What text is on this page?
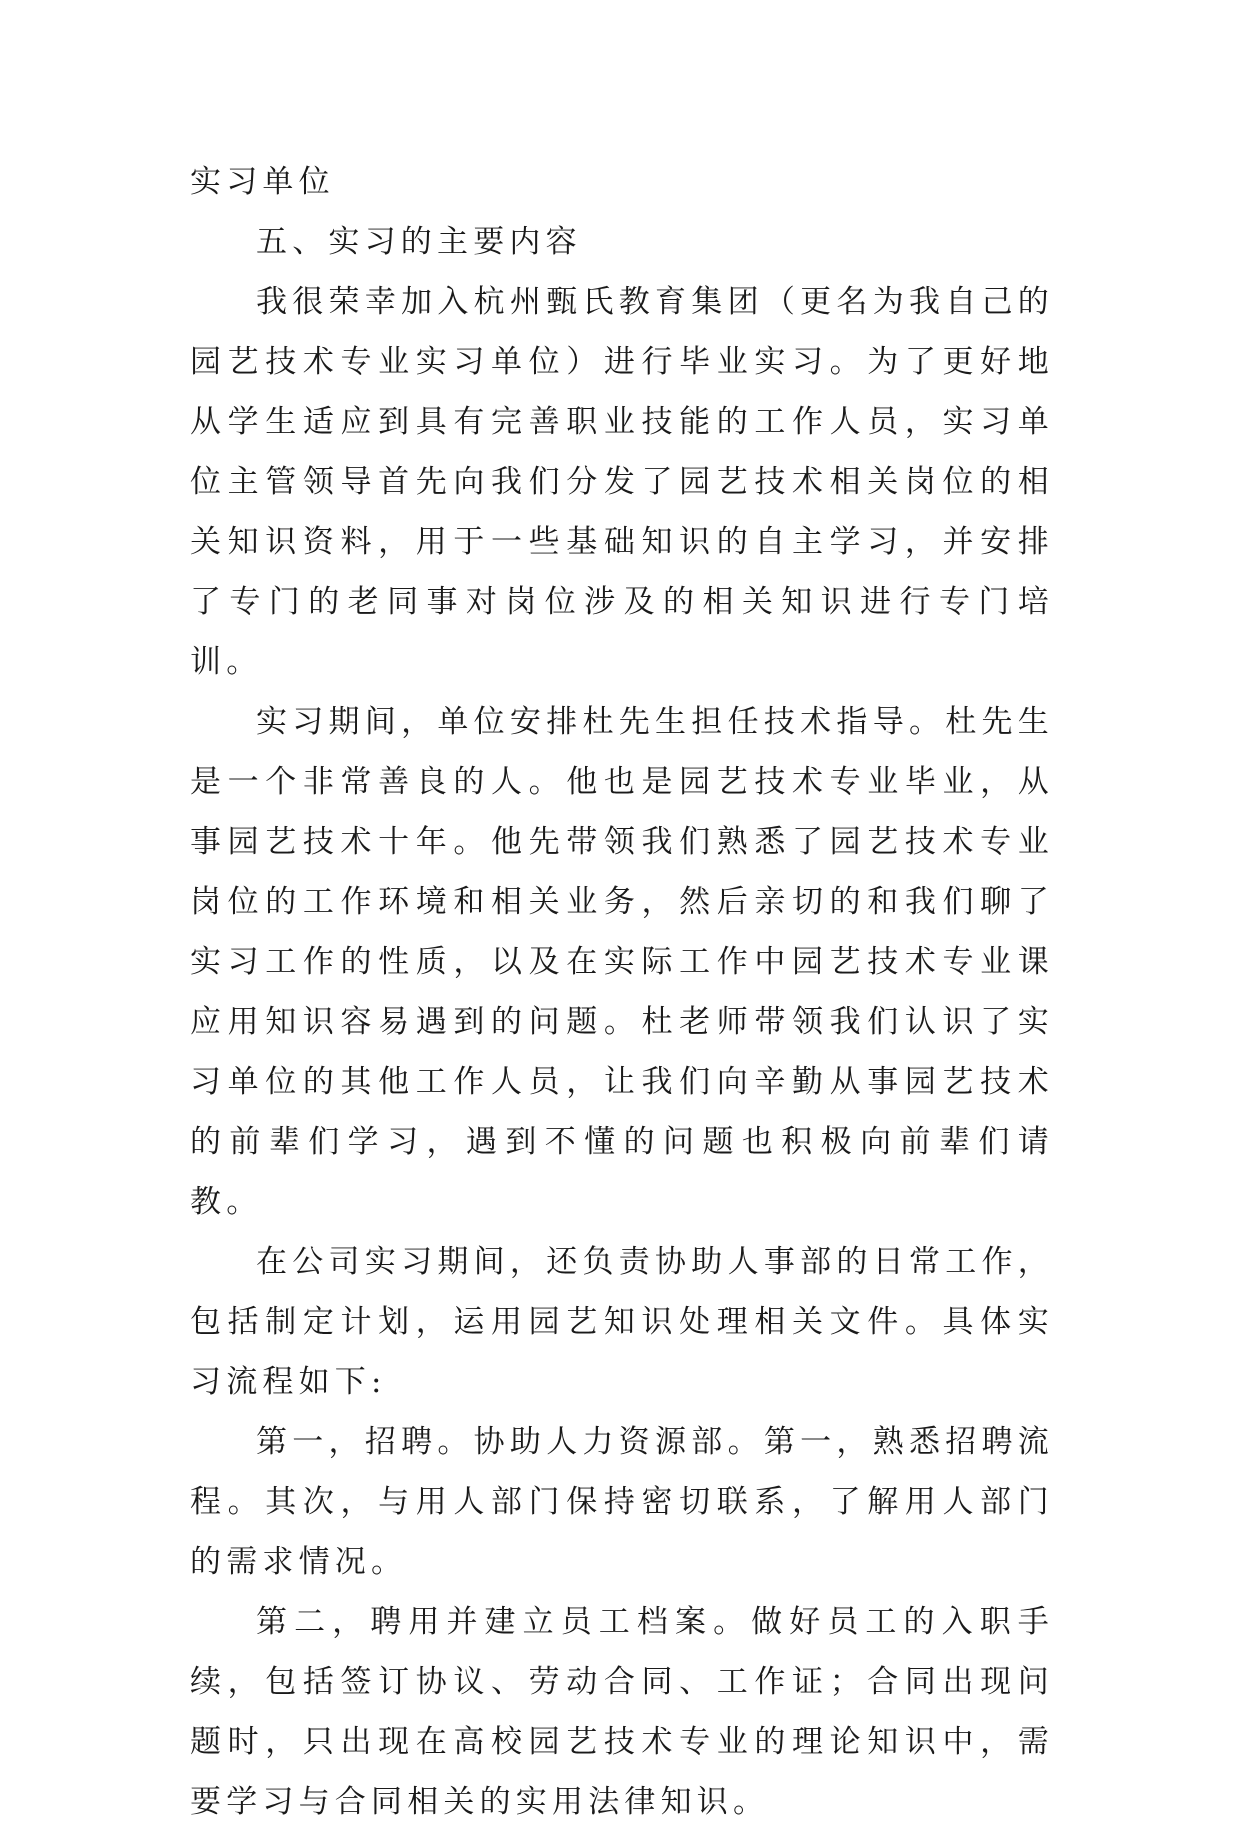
实习单位

五、实习的主要内容

我很荣幸加入杭州甄氏教育集团（更名为我自己的园艺技术专业实习单位）进行毕业实习。为了更好地从学生适应到具有完善职业技能的工作人员，实习单位主管领导首先向我们分发了园艺技术相关岗位的相关知识资料，用于一些基础知识的自主学习，并安排了专门的老同事对岗位涉及的相关知识进行专门培训。

实习期间，单位安排杜先生担任技术指导。杜先生是一个非常善良的人。他也是园艺技术专业毕业，从事园艺技术十年。他先带领我们熟悉了园艺技术专业岗位的工作环境和相关业务，然后亲切的和我们聊了实习工作的性质，以及在实际工作中园艺技术专业课应用知识容易遇到的问题。杜老师带领我们认识了实习单位的其他工作人员，让我们向辛勤从事园艺技术的前辈们学习，遇到不懂的问题也积极向前辈们请教。

在公司实习期间，还负责协助人事部的日常工作，包括制定计划，运用园艺知识处理相关文件。具体实习流程如下:

第一，招聘。协助人力资源部。第一，熟悉招聘流程。其次，与用人部门保持密切联系，了解用人部门的需求情况。

第二，聘用并建立员工档案。做好员工的入职手续，包括签订协议、劳动合同、工作证；合同出现问题时，只出现在高校园艺技术专业的理论知识中，需要学习与合同相关的实用法律知识。
